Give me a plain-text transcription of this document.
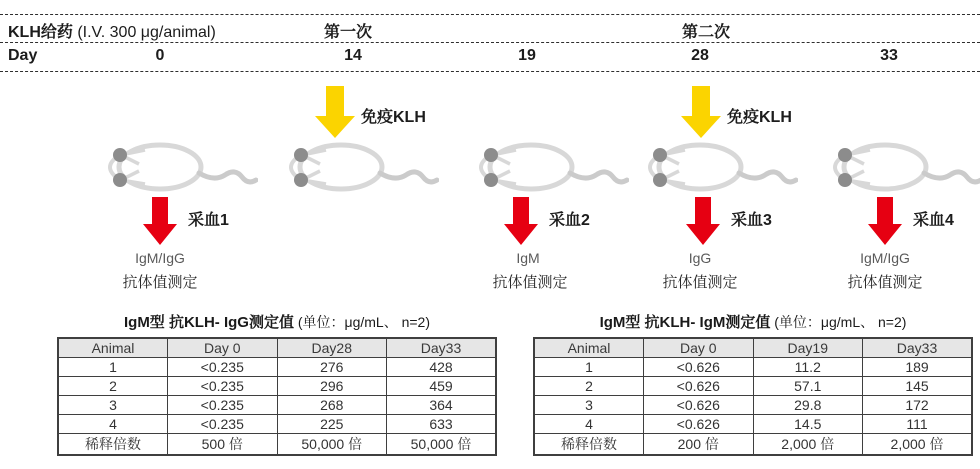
KLH给药 (I.V. 300 μg/animal)	第一次	第二次
Day	0	14	19	28	33
免疫KLH	免疫KLH
采血1	采血2	采血3	采血4
IgM/IgG	IgM	IgG	IgM/IgG
抗体值测定	抗体值测定	抗体值测定	抗体值测定
IgM型 抗KLH- IgG测定值 (单位：μg/mL、 n=2)
Animal	Day 0	Day28	Day33
1	<0.235	276	428
2	<0.235	296	459
3	<0.235	268	364
4	<0.235	225	633
稀释倍数	500 倍	50,000 倍	50,000 倍
IgM型 抗KLH- IgM测定值 (单位：μg/mL、 n=2)
Animal	Day 0	Day19	Day33
1	<0.626	11.2	189
2	<0.626	57.1	145
3	<0.626	29.8	172
4	<0.626	14.5	111
稀释倍数	200 倍	2,000 倍	2,000 倍
